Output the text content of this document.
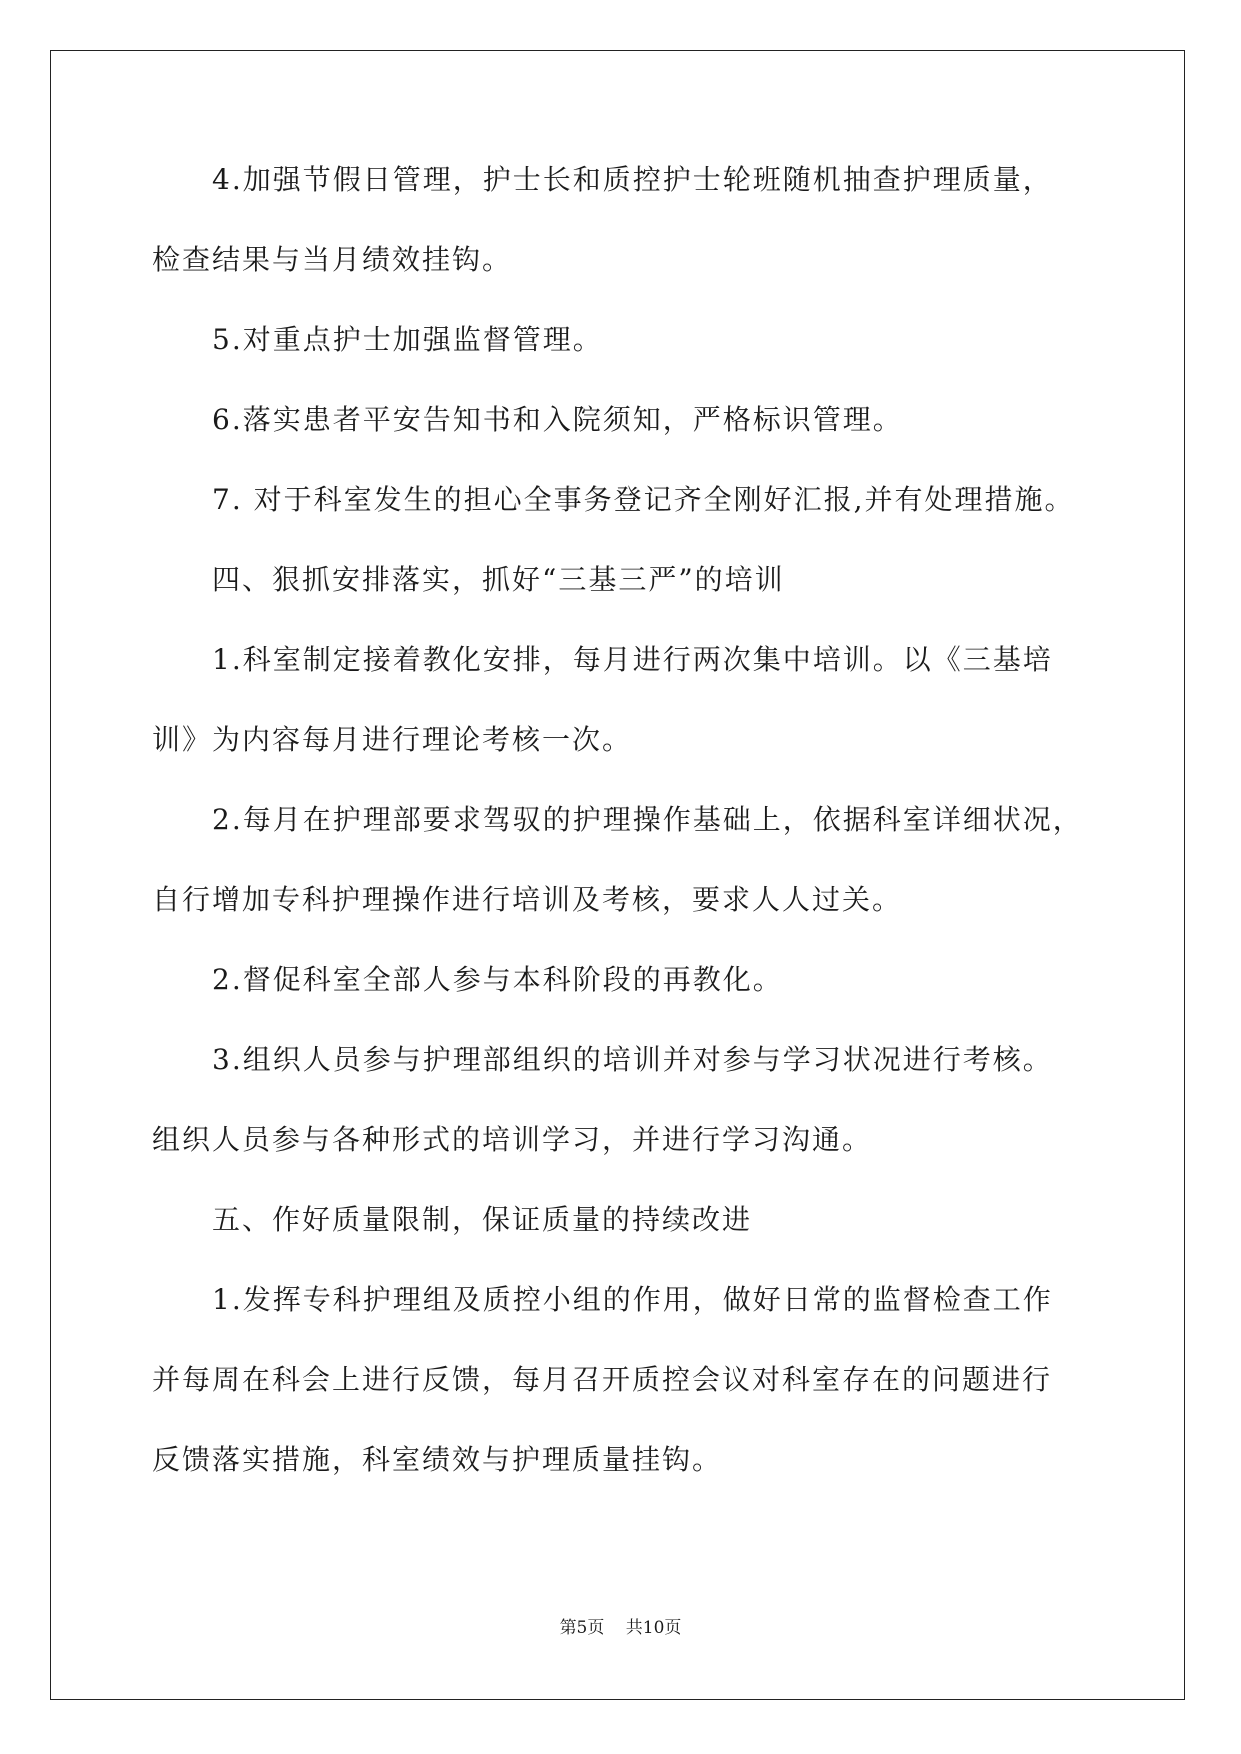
4.加强节假日管理，护士长和质控护士轮班随机抽查护理质量，
检查结果与当月绩效挂钩。
5.对重点护士加强监督管理。
6.落实患者平安告知书和入院须知，严格标识管理。
7. 对于科室发生的担心全事务登记齐全刚好汇报,并有处理措施。
四、狠抓安排落实，抓好“三基三严”的培训
1.科室制定接着教化安排，每月进行两次集中培训。以《三基培
训》为内容每月进行理论考核一次。
2.每月在护理部要求驾驭的护理操作基础上，依据科室详细状况，
自行增加专科护理操作进行培训及考核，要求人人过关。
2.督促科室全部人参与本科阶段的再教化。
3.组织人员参与护理部组织的培训并对参与学习状况进行考核。
组织人员参与各种形式的培训学习，并进行学习沟通。
五、作好质量限制，保证质量的持续改进
1.发挥专科护理组及质控小组的作用，做好日常的监督检查工作
并每周在科会上进行反馈，每月召开质控会议对科室存在的问题进行
反馈落实措施，科室绩效与护理质量挂钩。
第5页 共10页
